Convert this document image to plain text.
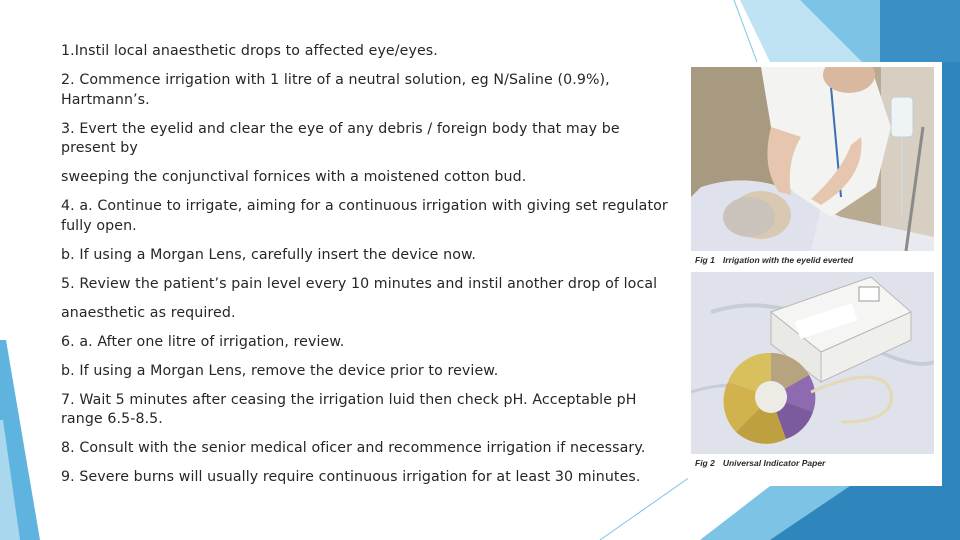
1.Instil local anaesthetic drops to affected eye/eyes.

2. Commence irrigation with 1 litre of a neutral solution, eg N/Saline (0.9%), Hartmann’s.

3. Evert the eyelid and clear the eye of any debris / foreign body that may be present by

sweeping the conjunctival fornices with a moistened cotton bud.

4. a. Continue to irrigate, aiming for a continuous irrigation with giving set regulator fully open.

b. If using a Morgan Lens, carefully insert the device now.

5. Review the patient’s pain level every 10 minutes and instil another drop of local

anaesthetic as required.

6. a. After one litre of irrigation, review.

b. If using a Morgan Lens, remove the device prior to review.

7. Wait 5 minutes after ceasing the irrigation luid then check pH. Acceptable pH range 6.5-8.5.

8. Consult with the senior medical oficer and recommence irrigation if necessary.

9. Severe burns will usually require continuous irrigation for at least 30 minutes.

Fig 1 Irrigation with the eyelid everted
Fig 2 Universal Indicator Paper
